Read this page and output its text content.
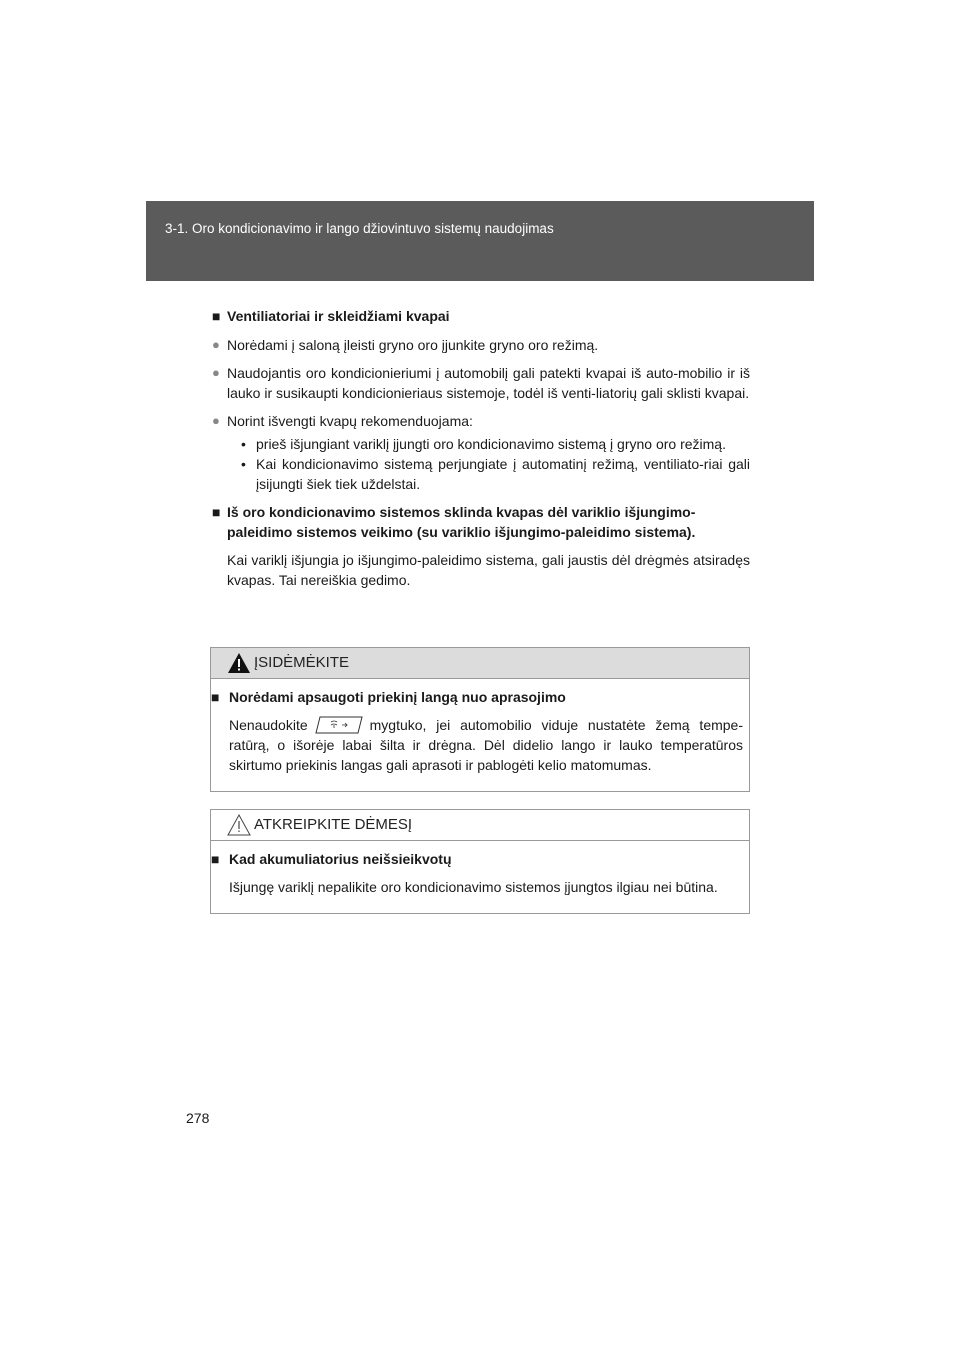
3-1. Oro kondicionavimo ir lango džiovintuvo sistemų naudojimas
■ Ventiliatoriai ir skleidžiami kvapai
● Norėdami į saloną įleisti gryno oro įjunkite gryno oro režimą.
● Naudojantis oro kondicionieriumi į automobilį gali patekti kvapai iš auto-mobilio ir iš lauko ir susikaupti kondicionieriaus sistemoje, todėl iš venti-liatorių gali sklisti kvapai.
● Norint išvengti kvapų rekomenduojama:
• prieš išjungiant variklį įjungti oro kondicionavimo sistemą į gryno oro režimą.
• Kai kondicionavimo sistemą perjungiate į automatinį režimą, ventiliato-riai gali įsijungti šiek tiek uždelstai.
■ Iš oro kondicionavimo sistemos sklinda kvapas dėl variklio išjungimo-paleidimo sistemos veikimo (su variklio išjungimo-paleidimo sistema).
Kai variklį išjungia jo išjungimo-paleidimo sistema, gali jaustis dėl drėgmės atsiradęs kvapas. Tai nereiškia gedimo.
ĮSIDĖMĖKITE
■ Norėdami apsaugoti priekinį langą nuo aprasojimo
Nenaudokite	mygtuko, jei automobilio viduje nustatėte žemą tempe-ratūrą, o išorėje labai šilta ir drėgna. Dėl didelio lango ir lauko temperatūros skirtumo priekinis langas gali aprasoti ir pablogėti kelio matomumas.
ATKREIPKITE DĖMESĮ
■ Kad akumuliatorius neišsieikvotų
Išjungę variklį nepalikite oro kondicionavimo sistemos įjungtos ilgiau nei būtina.
278
